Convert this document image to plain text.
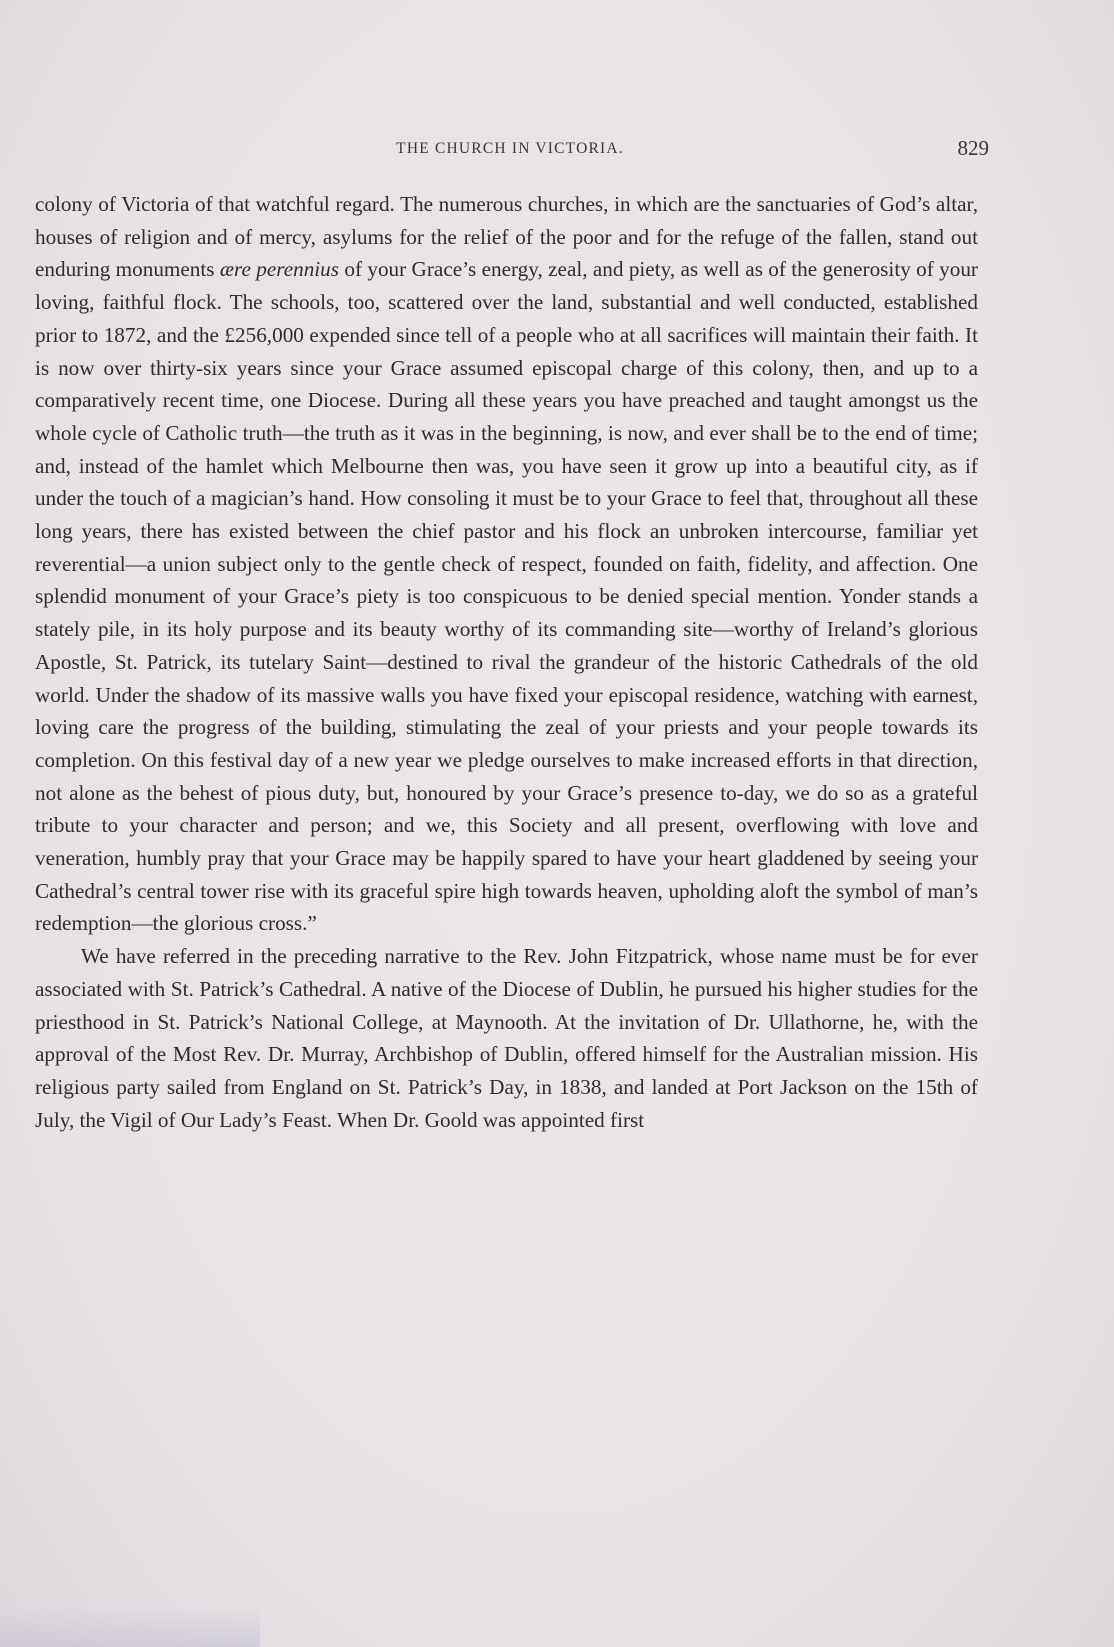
THE CHURCH IN VICTORIA.	829

colony of Victoria of that watchful regard. The numerous churches, in which are the sanctuaries of God’s altar, houses of religion and of mercy, asylums for the relief of the poor and for the refuge of the fallen, stand out enduring monuments ære perennius of your Grace’s energy, zeal, and piety, as well as of the generosity of your loving, faithful flock. The schools, too, scattered over the land, substantial and well conducted, established prior to 1872, and the £256,000 expended since tell of a people who at all sacrifices will maintain their faith. It is now over thirty-six years since your Grace assumed episcopal charge of this colony, then, and up to a comparatively recent time, one Diocese. During all these years you have preached and taught amongst us the whole cycle of Catholic truth—the truth as it was in the beginning, is now, and ever shall be to the end of time; and, instead of the hamlet which Melbourne then was, you have seen it grow up into a beautiful city, as if under the touch of a magician’s hand. How consoling it must be to your Grace to feel that, throughout all these long years, there has existed between the chief pastor and his flock an unbroken intercourse, familiar yet reverential—a union subject only to the gentle check of respect, founded on faith, fidelity, and affection. One splendid monument of your Grace’s piety is too conspicuous to be denied special mention. Yonder stands a stately pile, in its holy purpose and its beauty worthy of its commanding site—worthy of Ireland’s glorious Apostle, St. Patrick, its tutelary Saint—destined to rival the grandeur of the historic Cathedrals of the old world. Under the shadow of its massive walls you have fixed your episcopal residence, watching with earnest, loving care the progress of the building, stimulating the zeal of your priests and your people towards its completion. On this festival day of a new year we pledge ourselves to make increased efforts in that direction, not alone as the behest of pious duty, but, honoured by your Grace’s presence to-day, we do so as a grateful tribute to your character and person; and we, this Society and all present, overflowing with love and veneration, humbly pray that your Grace may be happily spared to have your heart gladdened by seeing your Cathedral’s central tower rise with its graceful spire high towards heaven, upholding aloft the symbol of man’s redemption—the glorious cross.”

We have referred in the preceding narrative to the Rev. John Fitzpatrick, whose name must be for ever associated with St. Patrick’s Cathedral. A native of the Diocese of Dublin, he pursued his higher studies for the priesthood in St. Patrick’s National College, at Maynooth. At the invitation of Dr. Ullathorne, he, with the approval of the Most Rev. Dr. Murray, Archbishop of Dublin, offered himself for the Australian mission. His religious party sailed from England on St. Patrick’s Day, in 1838, and landed at Port Jackson on the 15th of July, the Vigil of Our Lady’s Feast. When Dr. Goold was appointed first
